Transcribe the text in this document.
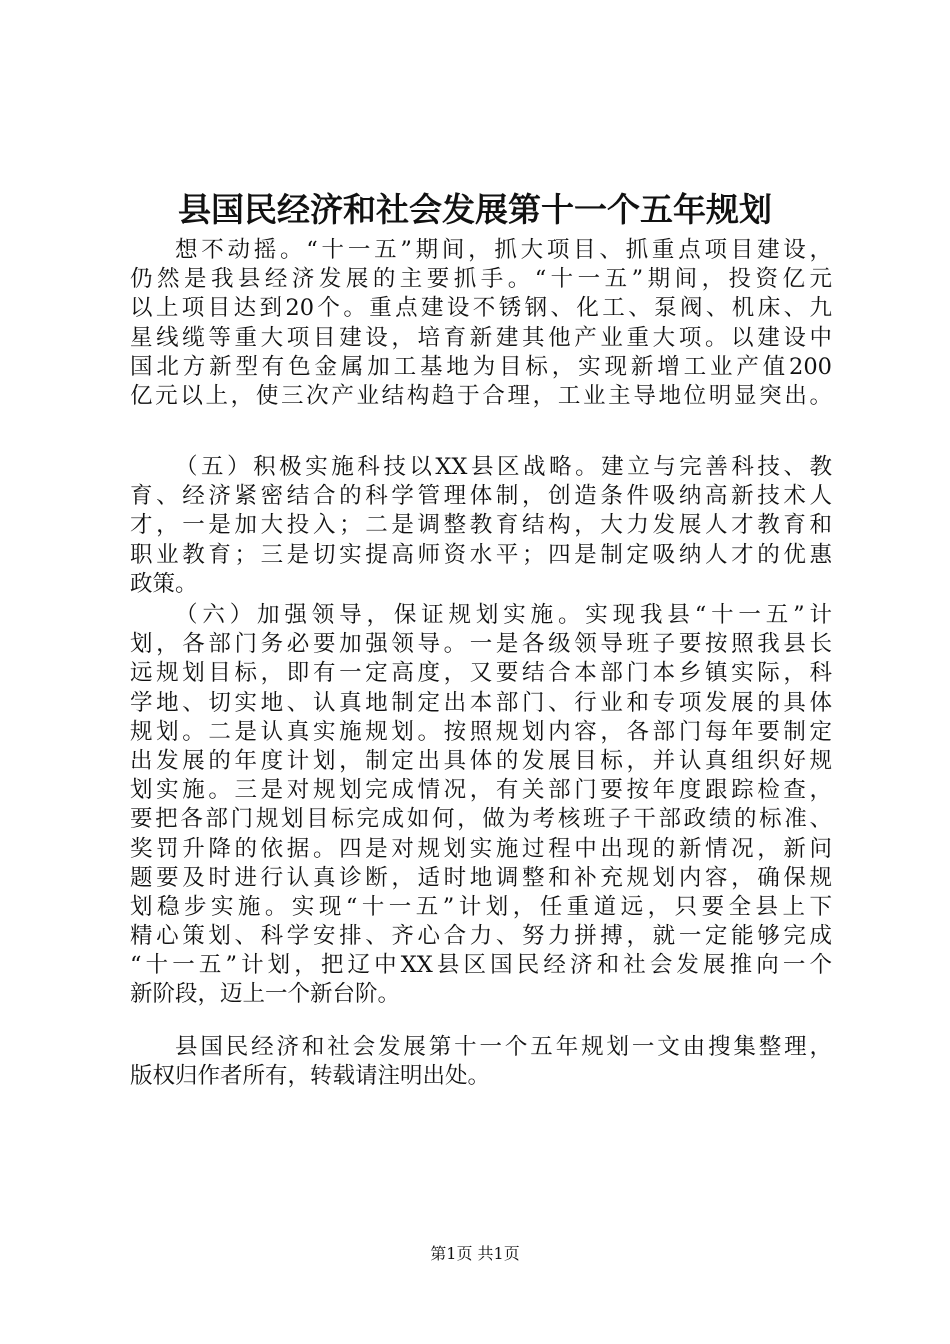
县国民经济和社会发展第十一个五年规划
想不动摇。“十一五”期间，抓大项目、抓重点项目建设，
仍然是我县经济发展的主要抓手。“十一五”期间，投资亿元
以上项目达到20个。重点建设不锈钢、化工、泵阀、机床、九
星线缆等重大项目建设，培育新建其他产业重大项。以建设中
国北方新型有色金属加工基地为目标，实现新增工业产值200
亿元以上，使三次产业结构趋于合理，工业主导地位明显突出。
（五）积极实施科技以XX县区战略。建立与完善科技、教
育、经济紧密结合的科学管理体制，创造条件吸纳高新技术人
才，一是加大投入；二是调整教育结构，大力发展人才教育和
职业教育；三是切实提高师资水平；四是制定吸纳人才的优惠
政策。
（六）加强领导，保证规划实施。实现我县“十一五”计
划，各部门务必要加强领导。一是各级领导班子要按照我县长
远规划目标，即有一定高度，又要结合本部门本乡镇实际，科
学地、切实地、认真地制定出本部门、行业和专项发展的具体
规划。二是认真实施规划。按照规划内容，各部门每年要制定
出发展的年度计划，制定出具体的发展目标，并认真组织好规
划实施。三是对规划完成情况，有关部门要按年度跟踪检查，
要把各部门规划目标完成如何，做为考核班子干部政绩的标准、
奖罚升降的依据。四是对规划实施过程中出现的新情况，新问
题要及时进行认真诊断，适时地调整和补充规划内容，确保规
划稳步实施。实现“十一五”计划，任重道远，只要全县上下
精心策划、科学安排、齐心合力、努力拼搏，就一定能够完成
“十一五”计划，把辽中XX县区国民经济和社会发展推向一个
新阶段，迈上一个新台阶。
县国民经济和社会发展第十一个五年规划一文由搜集整理，
版权归作者所有，转载请注明出处。
第1页 共1页
